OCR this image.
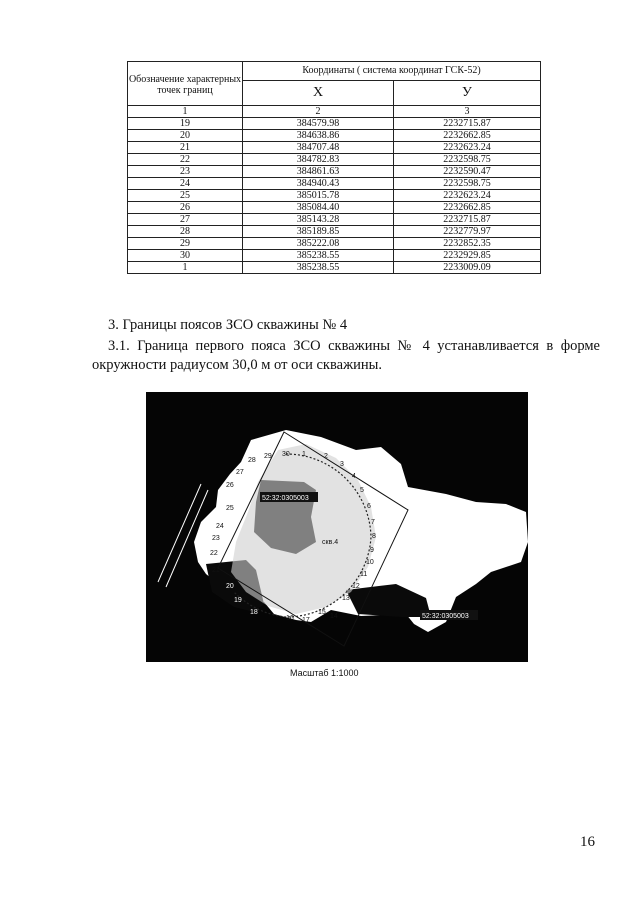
Обозначение характерных точек границ	Координаты ( система координат ГСК-52)	
	X	У
1	2	3
19	384579.98	2232715.87
20	384638.86	2232662.85
21	384707.48	2232623.24
22	384782.83	2232598.75
23	384861.63	2232590.47
24	384940.43	2232598.75
25	385015.78	2232623.24
26	385084.40	2232662.85
27	385143.28	2232715.87
28	385189.85	2232779.97
29	385222.08	2232852.35
30	385238.55	2232929.85
1	385238.55	2233009.09
3. Границы поясов ЗСО скважины № 4
3.1. Граница первого пояса ЗСО скважины № 4 устанавливается в форме
окружности радиусом 30,0 м от оси скважины.
1	2
3
4
5
6
7
8
9
10
11
12
13
14
15
16 17
18
19
20
21
22
23
24
25
26
27
28
29 30
52:32:0305003
52:32:0305003
скв.4
Масштаб 1:1000
16
